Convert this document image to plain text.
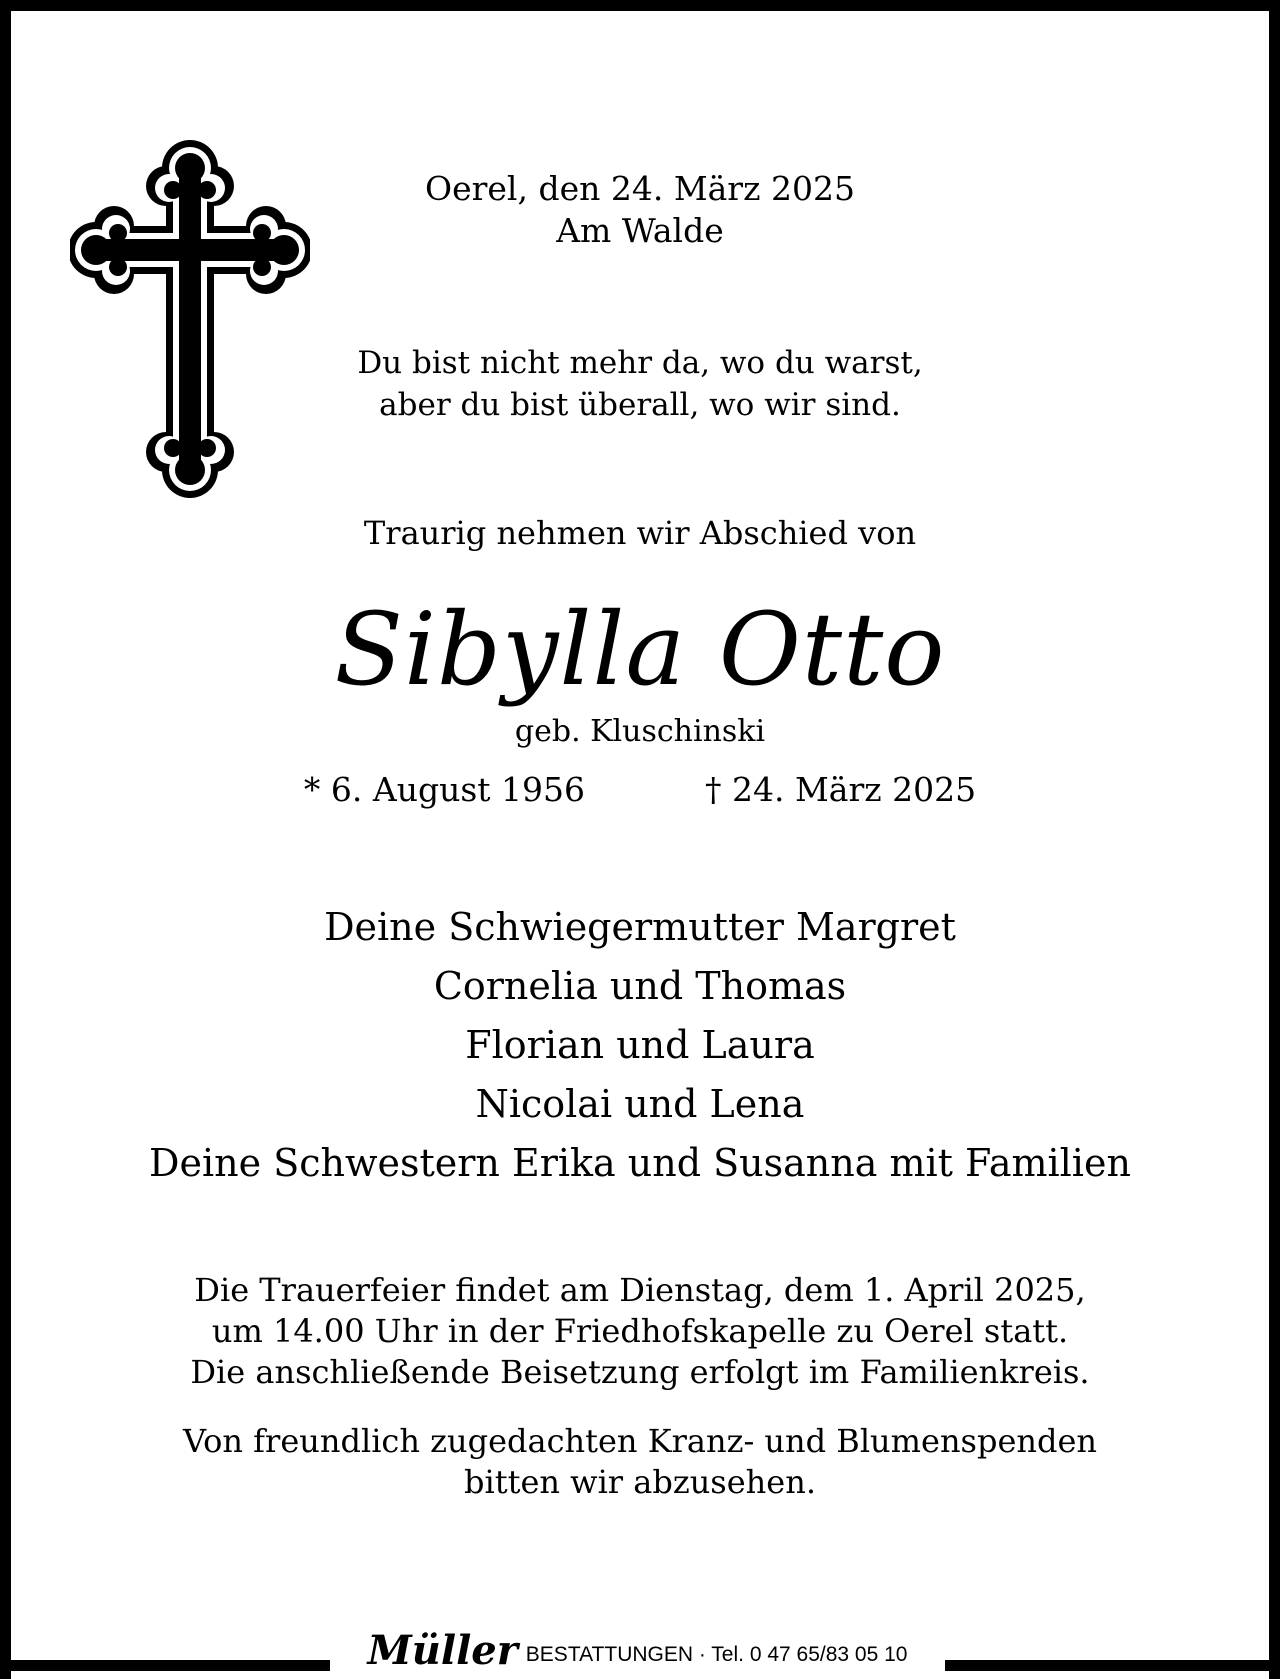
Oerel, den 24. März 2025
Am Walde
Du bist nicht mehr da, wo du warst,
aber du bist überall, wo wir sind.
Traurig nehmen wir Abschied von
Sibylla Otto
geb. Kluschinski
* 6. August 1956	† 24. März 2025
Deine Schwiegermutter Margret
Cornelia und Thomas
Florian und Laura
Nicolai und Lena
Deine Schwestern Erika und Susanna mit Familien
Die Trauerfeier findet am Dienstag, dem 1. April 2025,
um 14.00 Uhr in der Friedhofskapelle zu Oerel statt.
Die anschließende Beisetzung erfolgt im Familienkreis.
Von freundlich zugedachten Kranz- und Blumenspenden
bitten wir abzusehen.
Müller BESTATTUNGEN · Tel. 0 47 65/83 05 10
